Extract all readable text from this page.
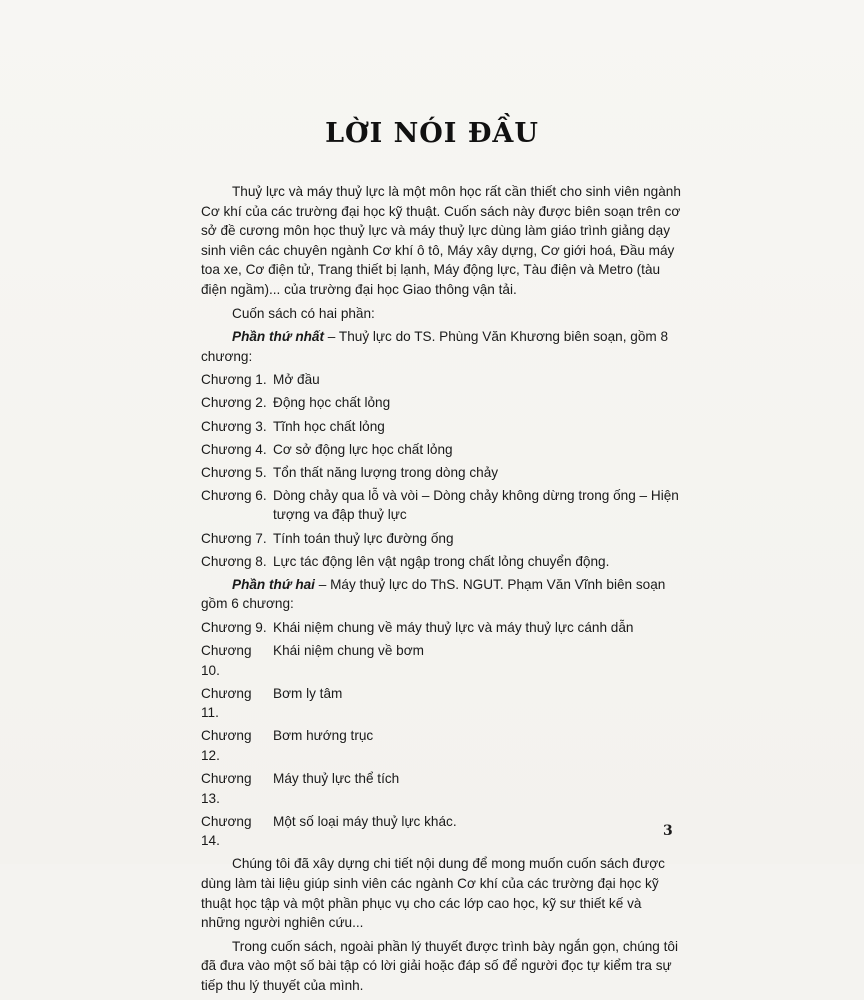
LỜI NÓI ĐẦU

Thuỷ lực và máy thuỷ lực là một môn học rất cần thiết cho sinh viên ngành Cơ khí của các trường đại học kỹ thuật. Cuốn sách này được biên soạn trên cơ sở đề cương môn học thuỷ lực và máy thuỷ lực dùng làm giáo trình giảng dạy sinh viên các chuyên ngành Cơ khí ô tô, Máy xây dựng, Cơ giới hoá, Đầu máy toa xe, Cơ điện tử, Trang thiết bị lạnh, Máy động lực, Tàu điện và Metro (tàu điện ngầm)... của trường đại học Giao thông vận tải.

Cuốn sách có hai phần:

Phần thứ nhất – Thuỷ lực do TS. Phùng Văn Khương biên soạn, gồm 8 chương:

Chương 1. Mở đầu
Chương 2. Động học chất lỏng
Chương 3. Tĩnh học chất lỏng
Chương 4. Cơ sở động lực học chất lỏng
Chương 5. Tổn thất năng lượng trong dòng chảy
Chương 6. Dòng chảy qua lỗ và vòi – Dòng chảy không dừng trong ống – Hiện tượng va đập thuỷ lực
Chương 7. Tính toán thuỷ lực đường ống
Chương 8. Lực tác động lên vật ngập trong chất lỏng chuyển động.

Phần thứ hai – Máy thuỷ lực do ThS. NGUT. Phạm Văn Vĩnh biên soạn gồm 6 chương:

Chương 9. Khái niệm chung về máy thuỷ lực và máy thuỷ lực cánh dẫn
Chương 10.
Khái niệm chung về bơm
Chương 11.
Bơm ly tâm
Chương 12.
Bơm hướng trục
Chương 13.
Máy thuỷ lực thể tích
Chương 14.
Một số loại máy thuỷ lực khác.

Chúng tôi đã xây dựng chi tiết nội dung để mong muốn cuốn sách được dùng làm tài liệu giúp sinh viên các ngành Cơ khí của các trường đại học kỹ thuật học tập và một phần phục vụ cho các lớp cao học, kỹ sư thiết kế và những người nghiên cứu...

Trong cuốn sách, ngoài phần lý thuyết được trình bày ngắn gọn, chúng tôi đã đưa vào một số bài tập có lời giải hoặc đáp số để người đọc tự kiểm tra sự tiếp thu lý thuyết của mình.

3
